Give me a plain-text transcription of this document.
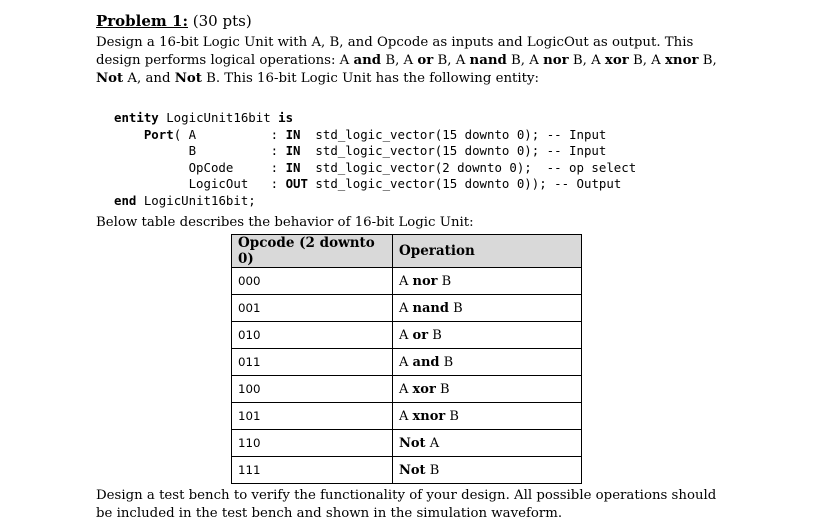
Problem 1: (30 pts)
Design a 16-bit Logic Unit with A, B, and Opcode as inputs and LogicOut as output. This design performs logical operations: A and B, A or B, A nand B, A nor B, A xor B, A xnor B, Not A, and Not B. This 16-bit Logic Unit has the following entity:
entity LogicUnit16bit is
Port( A          : IN  std_logic_vector(15 downto 0); -- Input
B          : IN  std_logic_vector(15 downto 0); -- Input
OpCode     : IN  std_logic_vector(2 downto 0);  -- op select
LogicOut   : OUT std_logic_vector(15 downto 0)); -- Output
end LogicUnit16bit;
Below table describes the behavior of 16-bit Logic Unit:
Opcode (2 downto 0)	Operation
000	A nor B
001	A nand B
010	A or B
011	A and B
100	A xor B
101	A xnor B
110	Not A
111	Not B
Design a test bench to verify the functionality of your design. All possible operations should be included in the test bench and shown in the simulation waveform.
